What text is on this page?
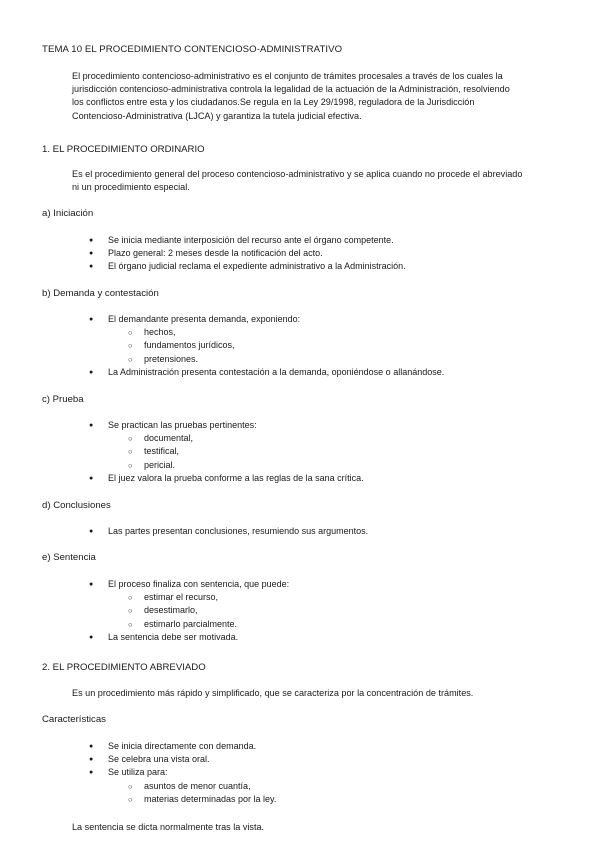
TEMA 10 EL PROCEDIMIENTO CONTENCIOSO-ADMINISTRATIVO
El procedimiento contencioso-administrativo es el conjunto de trámites procesales a través de los cuales la
jurisdicción contencioso-administrativa controla la legalidad de la actuación de la Administración, resolviendo
los conflictos entre esta y los ciudadanos.Se regula en la Ley 29/1998, reguladora de la Jurisdicción
Contencioso-Administrativa (LJCA) y garantiza la tutela judicial efectiva.
1. EL PROCEDIMIENTO ORDINARIO
Es el procedimiento general del proceso contencioso-administrativo y se aplica cuando no procede el abreviado
ni un procedimiento especial.
a) Iniciación
● Se inicia mediante interposición del recurso ante el órgano competente.
● Plazo general: 2 meses desde la notificación del acto.
● El órgano judicial reclama el expediente administrativo a la Administración.
b) Demanda y contestación
● El demandante presenta demanda, exponiendo:
○ hechos,
○ fundamentos jurídicos,
○ pretensiones.
● La Administración presenta contestación a la demanda, oponiéndose o allanándose.
c) Prueba
● Se practican las pruebas pertinentes:
○ documental,
○ testifical,
○ pericial.
● El juez valora la prueba conforme a las reglas de la sana crítica.
d) Conclusiones
● Las partes presentan conclusiones, resumiendo sus argumentos.
e) Sentencia
● El proceso finaliza con sentencia, que puede:
○ estimar el recurso,
○ desestimarlo,
○ estimarlo parcialmente.
● La sentencia debe ser motivada.
2. EL PROCEDIMIENTO ABREVIADO
Es un procedimiento más rápido y simplificado, que se caracteriza por la concentración de trámites.
Características
● Se inicia directamente con demanda.
● Se celebra una vista oral.
● Se utiliza para:
○ asuntos de menor cuantía,
○ materias determinadas por la ley.
La sentencia se dicta normalmente tras la vista.
